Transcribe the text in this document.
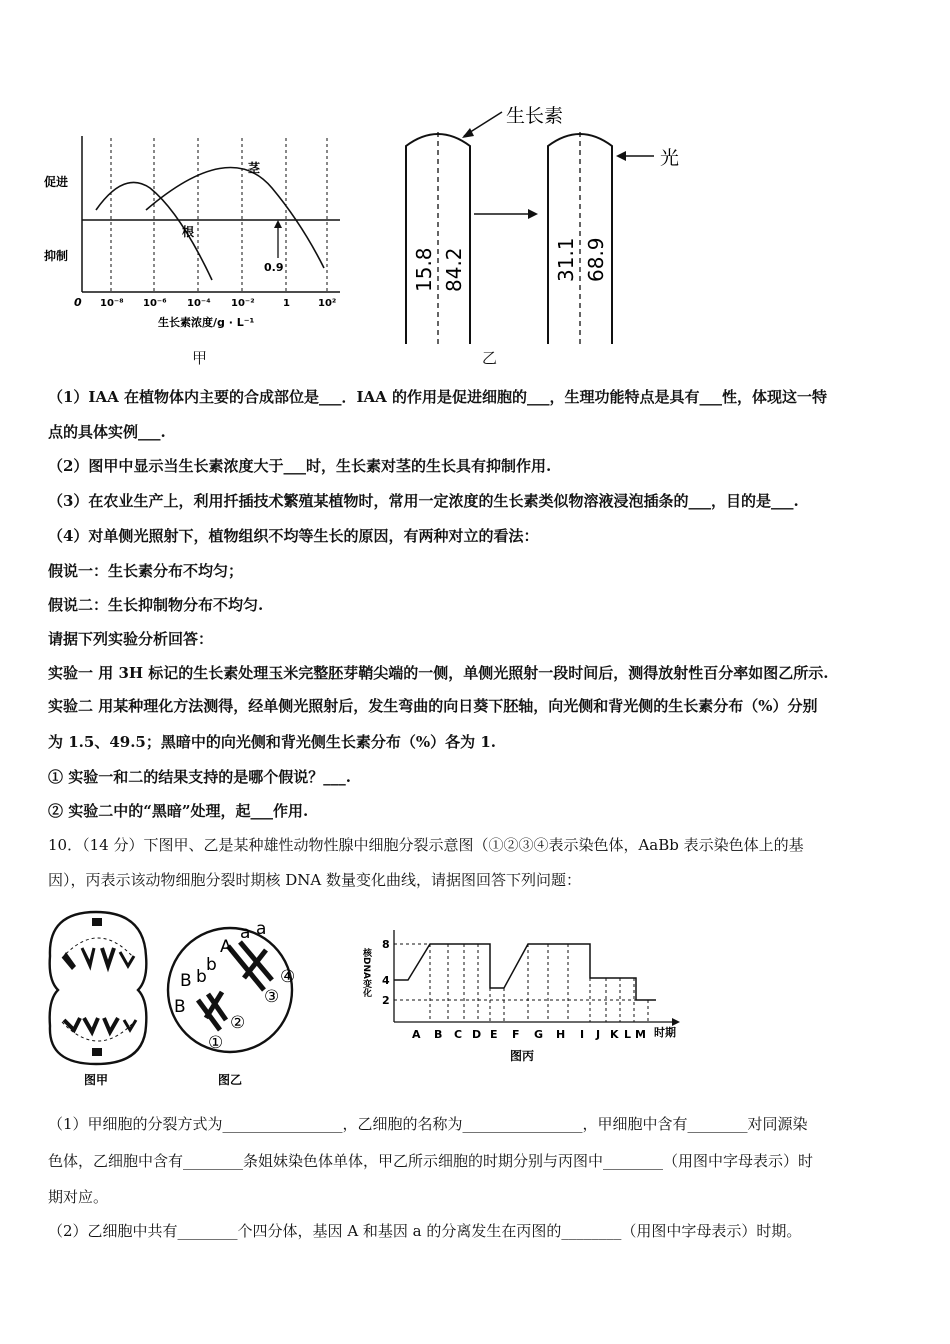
0.9
茎
根
促进
抑制
0 10⁻⁸ 10⁻⁶ 10⁻⁴ 10⁻²	1	10²
生长素浓度/g · L⁻¹
甲
生长素
光
15.8 84.2	31.1 68.9
乙
（1）IAA 在植物体内主要的合成部位是___．IAA 的作用是促进细胞的___，生理功能特点是具有___性，体现这一特
点的具体实例___.
（2）图甲中显示当生长素浓度大于___时，生长素对茎的生长具有抑制作用.
（3）在农业生产上，利用扦插技术繁殖某植物时，常用一定浓度的生长素类似物溶液浸泡插条的___，目的是___.
（4）对单侧光照射下，植物组织不均等生长的原因，有两种对立的看法：
假说一：生长素分布不均匀；
假说二：生长抑制物分布不均匀.
请据下列实验分析回答：
实验一 用 3H 标记的生长素处理玉米完整胚芽鞘尖端的一侧，单侧光照射一段时间后，测得放射性百分率如图乙所示.
实验二 用某种理化方法测得，经单侧光照射后，发生弯曲的向日葵下胚轴，向光侧和背光侧的生长素分布（%）分别
为 1.5、49.5；黑暗中的向光侧和背光侧生长素分布（%）各为 1.
① 实验一和二的结果支持的是哪个假说？___.
② 实验二中的“黑暗”处理，起___作用.
10．（14 分）下图甲、乙是某种雄性动物性腺中细胞分裂示意图（①②③④表示染色体，AaBb 表示染色体上的基
因），丙表示该动物细胞分裂时期核 DNA 数量变化曲线，请据图回答下列问题：
图甲
A
a a
B b
b
B
①
②
③
④
图乙
核DNA变化
8
4
2
A B C D E F G H I J K L M 时期
图丙
（1）甲细胞的分裂方式为________________，乙细胞的名称为________________，甲细胞中含有________对同源染
色体，乙细胞中含有________条姐妹染色体单体，甲乙所示细胞的时期分别与丙图中________（用图中字母表示）时
期对应。
（2）乙细胞中共有________个四分体，基因 A 和基因 a 的分离发生在丙图的________（用图中字母表示）时期。
